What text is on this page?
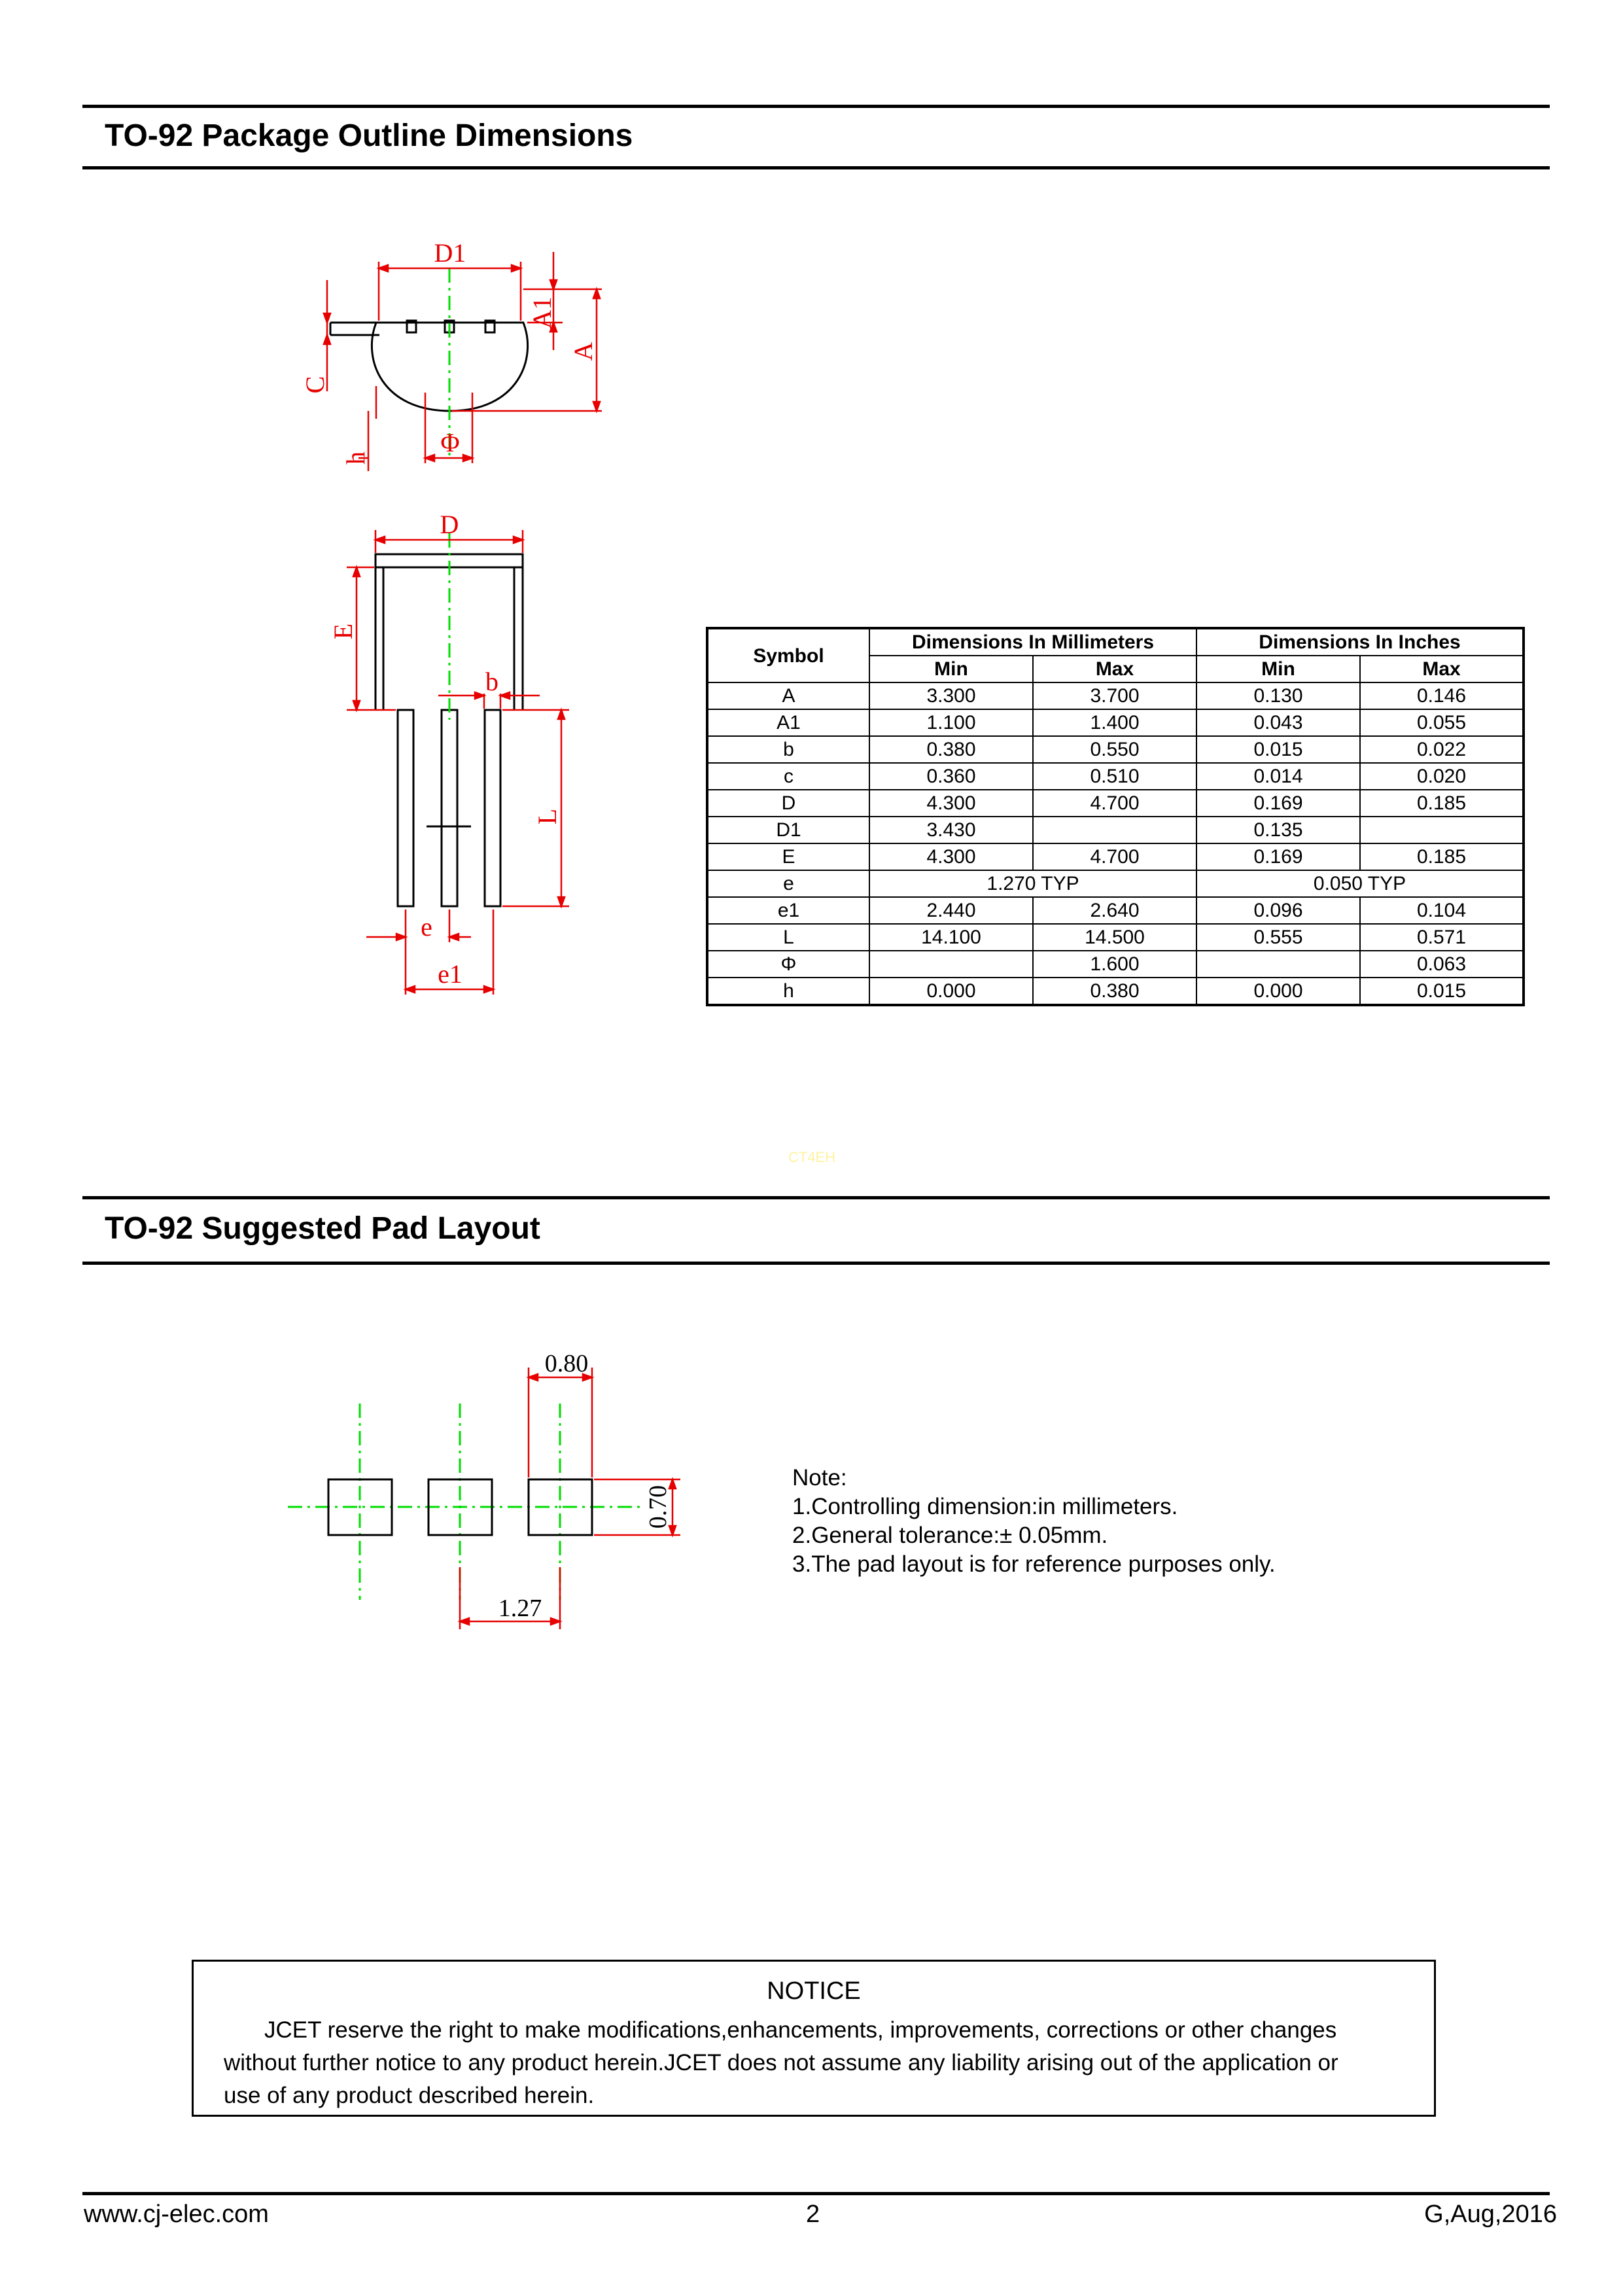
TO-92 Package Outline Dimensions
D1
A1
A
C
h
Φ
D
E
b
L
e
e1
Symbol	Dimensions In Millimeters		Dimensions In Inches	
	Min	Max	Min	Max
A	3.300	3.700	0.130	0.146
A1	1.100	1.400	0.043	0.055
b	0.380	0.550	0.015	0.022
c	0.360	0.510	0.014	0.020
D	4.300	4.700	0.169	0.185
D1	3.430		0.135	
E	4.300	4.700	0.169	0.185
e	1.270 TYP		0.050 TYP	
e1	2.440	2.640	0.096	0.104
L	14.100	14.500	0.555	0.571
Φ		1.600		0.063
h	0.000	0.380	0.000	0.015
CT4EH
TO-92 Suggested Pad Layout
0.80
0.70
1.27
Note:
1.Controlling dimension:in millimeters.
2.General tolerance:± 0.05mm.
3.The pad layout is for reference purposes only.
NOTICE
JCET reserve the right to make modifications,enhancements, improvements, corrections or other changes
without further notice to any product herein.JCET does not assume any liability arising out of the application or
use of any product described herein.
www.cj-elec.com	2	G,Aug,2016
